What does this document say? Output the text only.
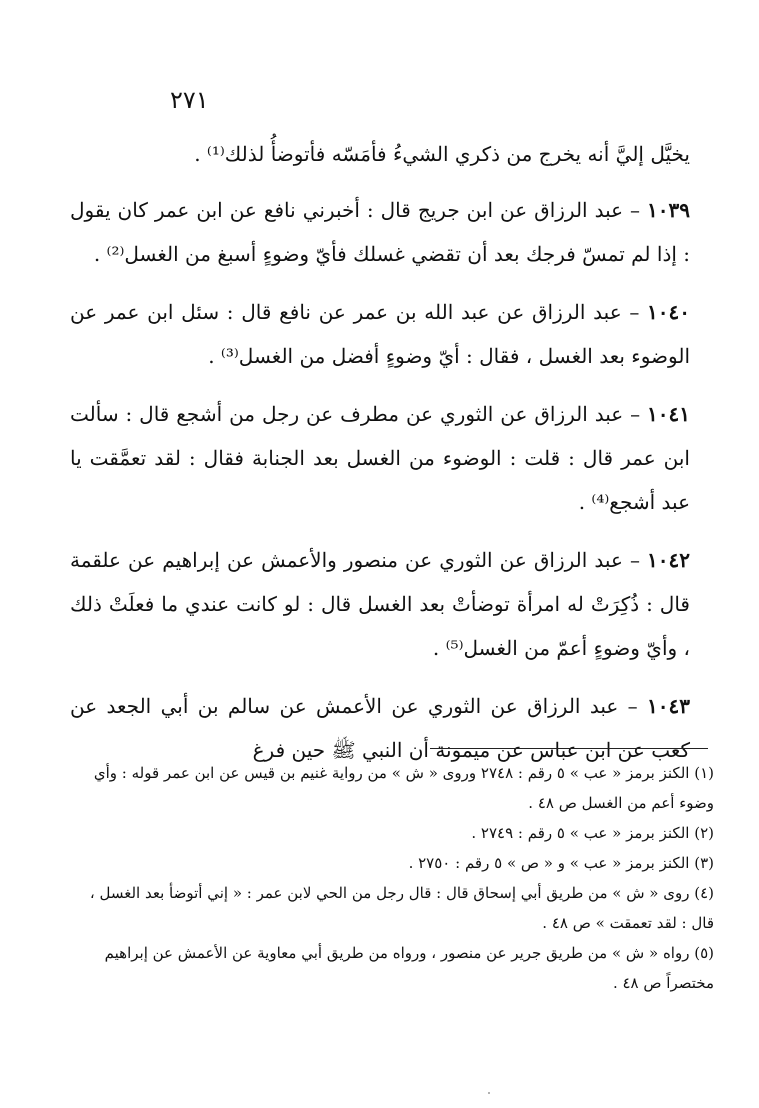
٢٧١

يخيَّل إليَّ أنه يخرج من ذكري الشيءُ فأمَسّه فأتوضأُ لذلك⁽¹⁾ .

١٠٣٩ – عبد الرزاق عن ابن جريج قال : أخبرني نافع عن ابن عمر كان يقول : إذا لم تمسّ فرجك بعد أن تقضي غسلك فأيّ وضوءٍ أسبغ من الغسل⁽²⁾ .

١٠٤٠ – عبد الرزاق عن عبد الله بن عمر عن نافع قال : سئل ابن عمر عن الوضوء بعد الغسل ، فقال : أيّ وضوءٍ أفضل من الغسل⁽³⁾ .

١٠٤١ – عبد الرزاق عن الثوري عن مطرف عن رجل من أشجع قال : سألت ابن عمر قال : قلت : الوضوء من الغسل بعد الجنابة فقال : لقد تعمَّقت يا عبد أشجع⁽⁴⁾ .

١٠٤٢ – عبد الرزاق عن الثوري عن منصور والأعمش عن إبراهيم عن علقمة قال : ذُكِرَتْ له امرأة توضأتْ بعد الغسل قال : لو كانت عندي ما فعلَتْ ذلك ، وأيّ وضوءٍ أعمّ من الغسل⁽⁵⁾ .

١٠٤٣ – عبد الرزاق عن الثوري عن الأعمش عن سالم بن أبي الجعد عن كعب عن ابن عباس عن ميمونة أن النبي ﷺ حين فرغ

(١) الكنز برمز « عب » ٥ رقم : ٢٧٤٨ وروى « ش » من رواية غنيم بن قيس عن ابن عمر قوله : وأي وضوء أعم من الغسل ص ٤٨ .

(٢) الكنز برمز « عب » ٥ رقم : ٢٧٤٩ .

(٣) الكنز برمز « عب » و « ص » ٥ رقم : ٢٧٥٠ .

(٤) روى « ش » من طريق أبي إسحاق قال : قال رجل من الحي لابن عمر : « إني أتوضأ بعد الغسل ، قال : لقد تعمقت » ص ٤٨ .

(٥) رواه « ش » من طريق جرير عن منصور ، ورواه من طريق أبي معاوية عن الأعمش عن إبراهيم مختصراً ص ٤٨ .
